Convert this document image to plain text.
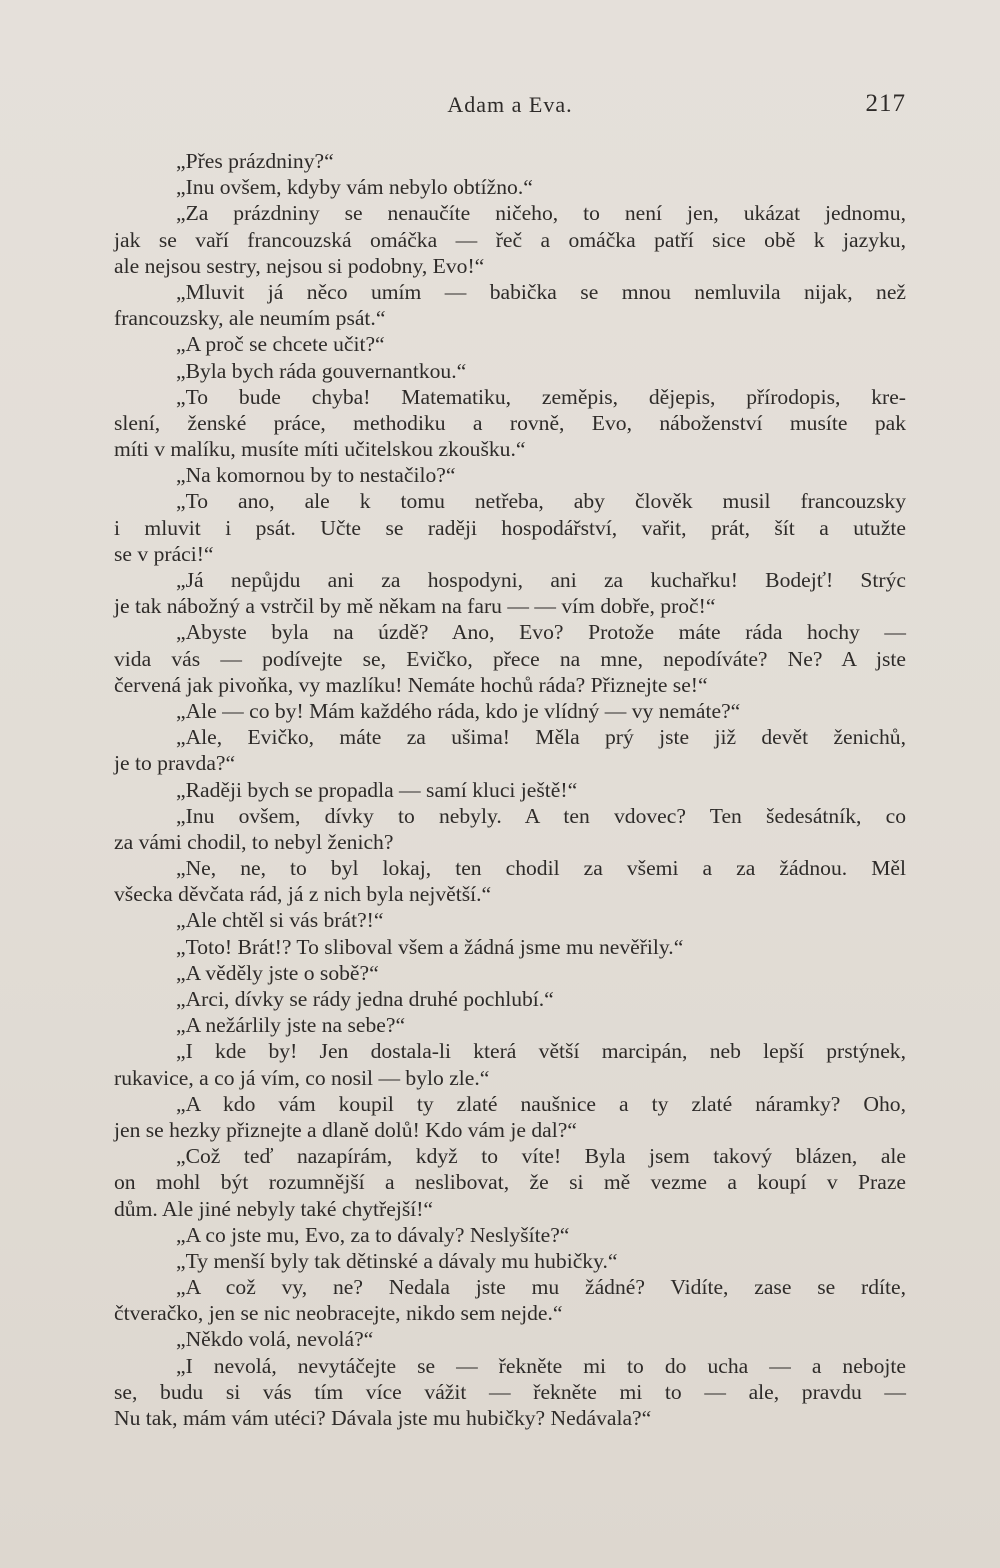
Adam a Eva.	217
„Přes prázdniny?“
„Inu ovšem, kdyby vám nebylo obtížno.“
„Za prázdniny se nenaučíte ničeho, to není jen, ukázat jednomu,
jak se vaří francouzská omáčka — řeč a omáčka patří sice obě k jazyku,
ale nejsou sestry, nejsou si podobny, Evo!“
„Mluvit já něco umím — babička se mnou nemluvila nijak, než
francouzsky, ale neumím psát.“
„A proč se chcete učit?“
„Byla bych ráda gouvernantkou.“
„To bude chyba! Matematiku, zeměpis, dějepis, přírodopis, kre-
slení, ženské práce, methodiku a rovně, Evo, náboženství musíte pak
míti v malíku, musíte míti učitelskou zkoušku.“
„Na komornou by to nestačilo?“
„To ano, ale k tomu netřeba, aby člověk musil francouzsky
i mluvit i psát. Učte se raději hospodářství, vařit, prát, šít a utužte
se v práci!“
„Já nepůjdu ani za hospodyni, ani za kuchařku! Bodejť! Strýc
je tak nábožný a vstrčil by mě někam na faru — — vím dobře, proč!“
„Abyste byla na úzdě? Ano, Evo? Protože máte ráda hochy —
vida vás — podívejte se, Evičko, přece na mne, nepodíváte? Ne? A jste
červená jak pivoňka, vy mazlíku! Nemáte hochů ráda? Přiznejte se!“
„Ale — co by! Mám každého ráda, kdo je vlídný — vy nemáte?“
„Ale, Evičko, máte za ušima! Měla prý jste již devět ženichů,
je to pravda?“
„Raději bych se propadla — samí kluci ještě!“
„Inu ovšem, dívky to nebyly. A ten vdovec? Ten šedesátník, co
za vámi chodil, to nebyl ženich?
„Ne, ne, to byl lokaj, ten chodil za všemi a za žádnou. Měl
všecka děvčata rád, já z nich byla největší.“
„Ale chtěl si vás brát?!“
„Toto! Brát!? To sliboval všem a žádná jsme mu nevěřily.“
„A věděly jste o sobě?“
„Arci, dívky se rády jedna druhé pochlubí.“
„A nežárlily jste na sebe?“
„I kde by! Jen dostala-li která větší marcipán, neb lepší prstýnek,
rukavice, a co já vím, co nosil — bylo zle.“
„A kdo vám koupil ty zlaté naušnice a ty zlaté náramky? Oho,
jen se hezky přiznejte a dlaně dolů! Kdo vám je dal?“
„Což teď nazapírám, když to víte! Byla jsem takový blázen, ale
on mohl být rozumnější a neslibovat, že si mě vezme a koupí v Praze
dům. Ale jiné nebyly také chytřejší!“
„A co jste mu, Evo, za to dávaly? Neslyšíte?“
„Ty menší byly tak dětinské a dávaly mu hubičky.“
„A což vy, ne? Nedala jste mu žádné? Vidíte, zase se rdíte,
čtveračko, jen se nic neobracejte, nikdo sem nejde.“
„Někdo volá, nevolá?“
„I nevolá, nevytáčejte se — řekněte mi to do ucha — a nebojte
se, budu si vás tím více vážit — řekněte mi to — ale, pravdu —
Nu tak, mám vám utéci? Dávala jste mu hubičky? Nedávala?“
